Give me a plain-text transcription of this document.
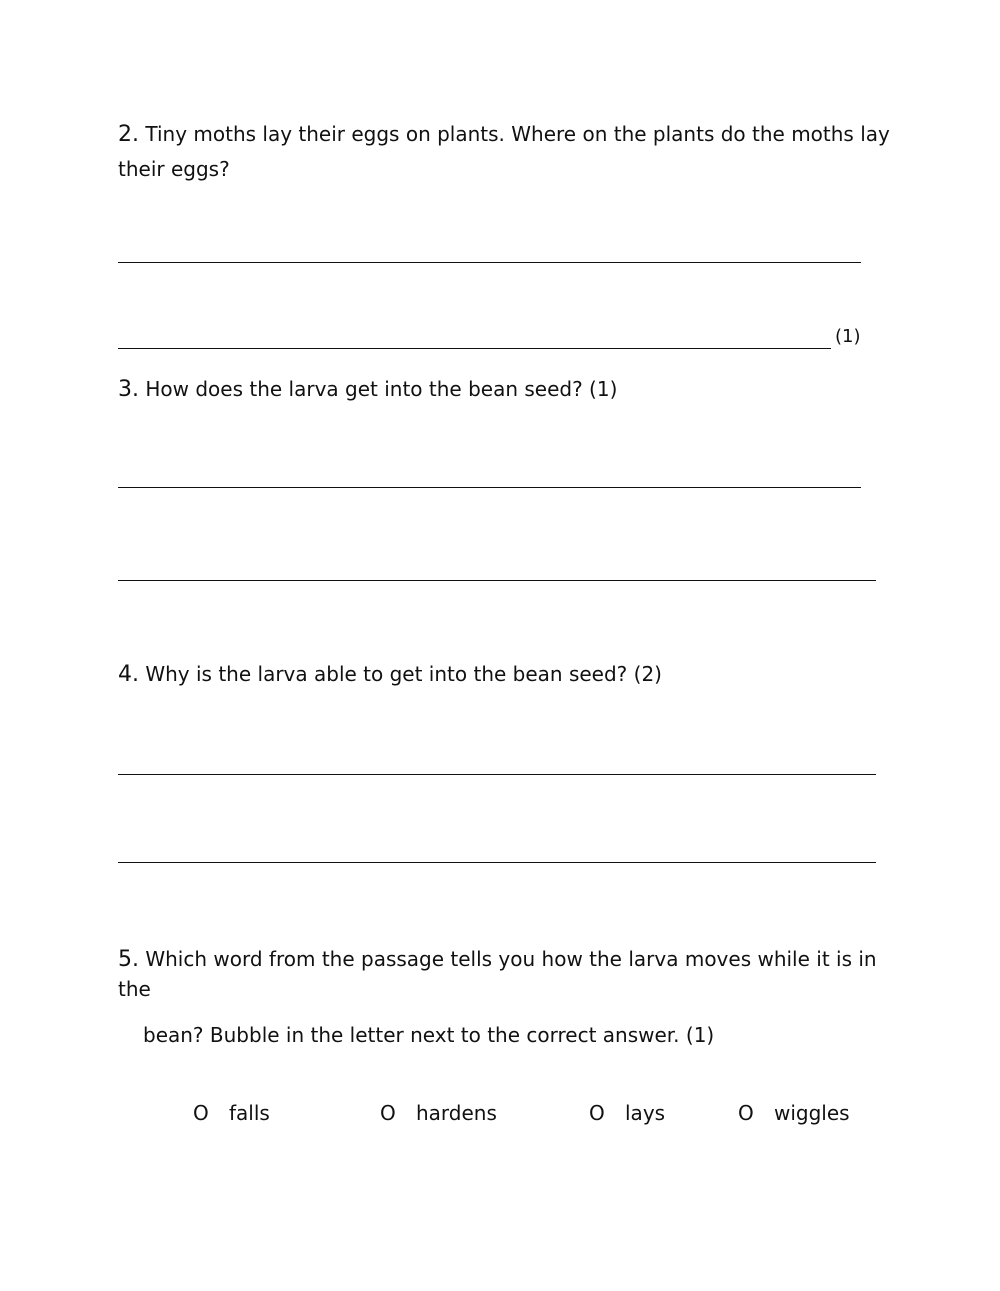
2. Tiny moths lay their eggs on plants. Where on the plants do the moths lay
their eggs?
(1)
3. How does the larva get into the bean seed? (1)
4. Why is the larva able to get into the bean seed? (2)
5. Which word from the passage tells you how the larva moves while it is in
the
bean? Bubble in the letter next to the correct answer. (1)
O falls	O hardens	O lays	O wiggles
